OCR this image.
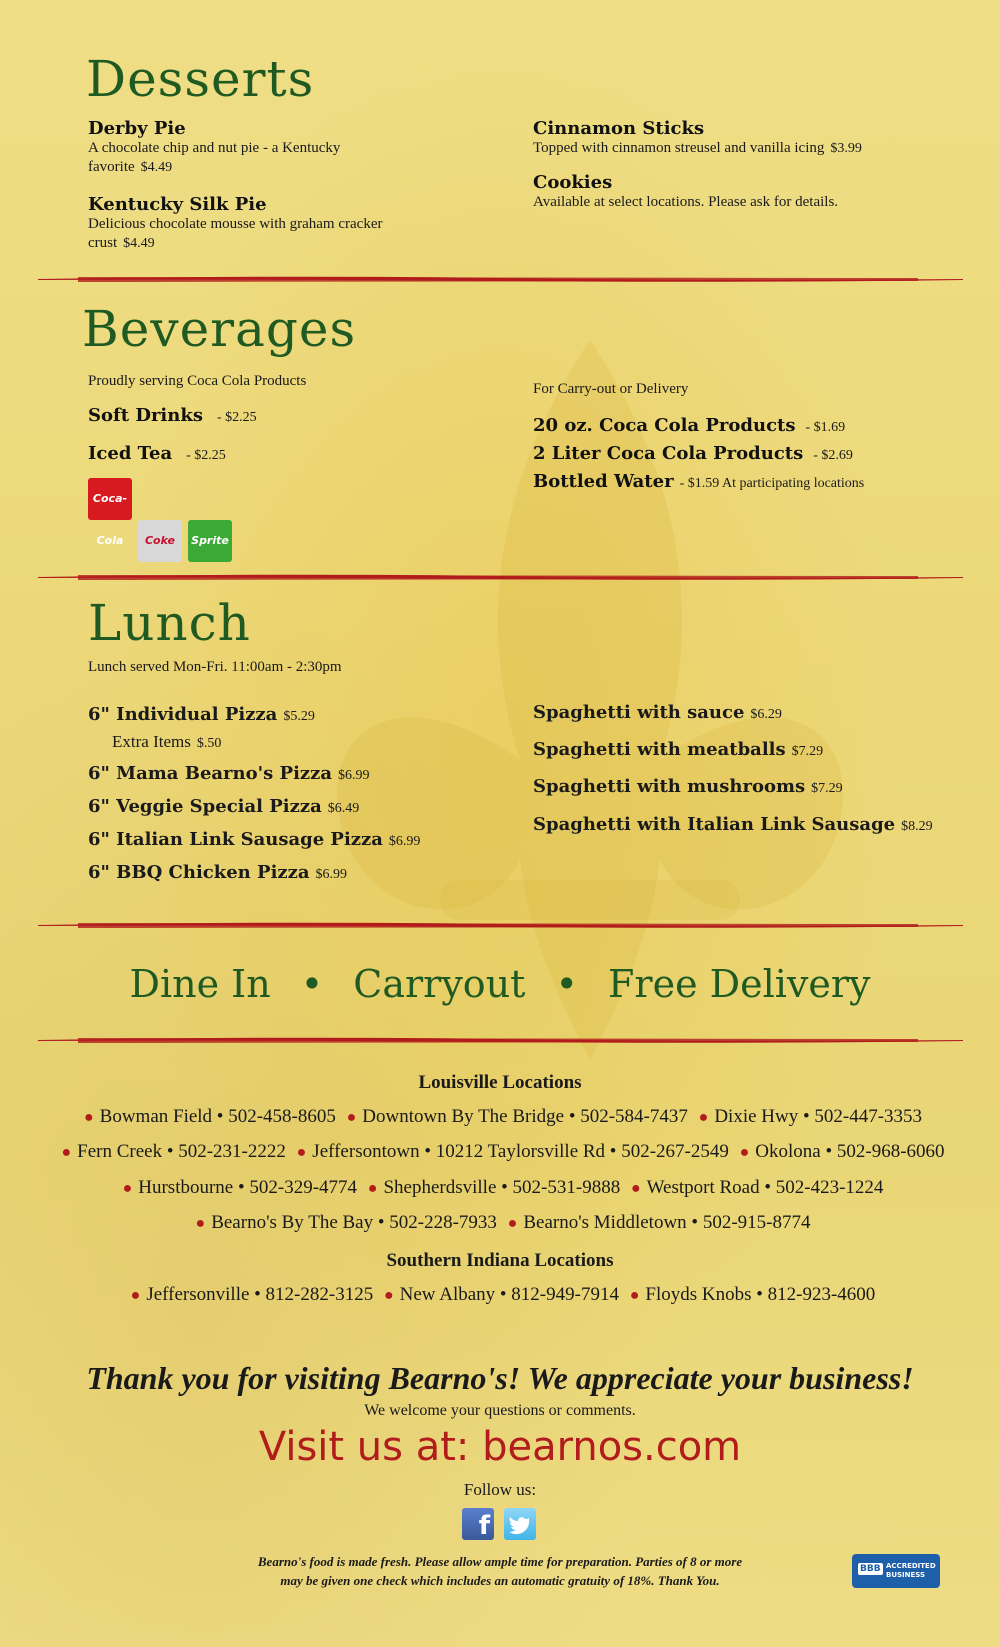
Desserts
Derby Pie
A chocolate chip and nut pie - a Kentucky favorite $4.49
Kentucky Silk Pie
Delicious chocolate mousse with graham cracker crust $4.49
Cinnamon Sticks
Topped with cinnamon streusel and vanilla icing $3.99
Cookies
Available at select locations. Please ask for details.
Beverages
Proudly serving Coca Cola Products
Soft Drinks - $2.25
Iced Tea - $2.25
Coca-Cola Coke Sprite
For Carry-out or Delivery
20 oz. Coca Cola Products - $1.69
2 Liter Coca Cola Products - $2.69
Bottled Water - $1.59 At participating locations
Lunch
Lunch served Mon-Fri. 11:00am - 2:30pm
6" Individual Pizza $5.29
Extra Items $.50
6" Mama Bearno's Pizza $6.99
6" Veggie Special Pizza $6.49
6" Italian Link Sausage Pizza $6.99
6" BBQ Chicken Pizza $6.99
Spaghetti with sauce $6.29
Spaghetti with meatballs $7.29
Spaghetti with mushrooms $7.29
Spaghetti with Italian Link Sausage $8.29
Dine In • Carryout • Free Delivery
Louisville Locations
● Bowman Field • 502-458-8605 ● Downtown By The Bridge • 502-584-7437 ● Dixie Hwy • 502-447-3353
● Fern Creek • 502-231-2222 ● Jeffersontown • 10212 Taylorsville Rd • 502-267-2549 ● Okolona • 502-968-6060
● Hurstbourne • 502-329-4774 ● Shepherdsville • 502-531-9888 ● Westport Road • 502-423-1224
● Bearno's By The Bay • 502-228-7933 ● Bearno's Middletown • 502-915-8774
Southern Indiana Locations
● Jeffersonville • 812-282-3125 ● New Albany • 812-949-7914 ● Floyds Knobs • 812-923-4600
Thank you for visiting Bearno's! We appreciate your business!
We welcome your questions or comments.
Visit us at: bearnos.com
Follow us:
f
Bearno's food is made fresh. Please allow ample time for preparation. Parties of 8 or more
may be given one check which includes an automatic gratuity of 18%. Thank You.
BBB ACCREDITED BUSINESS
